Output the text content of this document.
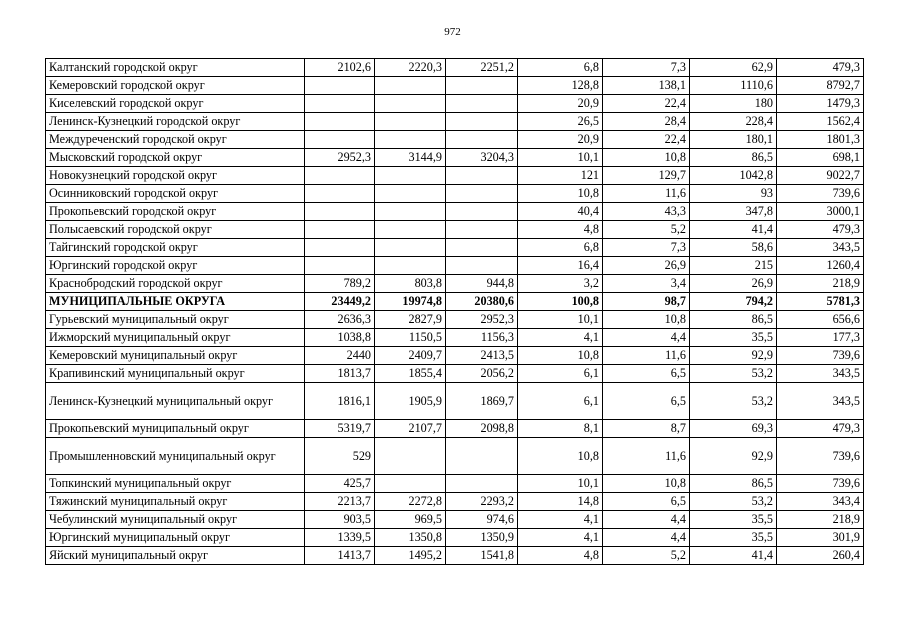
972
Калтанский городской округ	2102,6	2220,3	2251,2	6,8	7,3	62,9	479,3
Кемеровский городской округ				128,8	138,1	1110,6	8792,7
Киселевский городской округ				20,9	22,4	180	1479,3
Ленинск-Кузнецкий городской округ				26,5	28,4	228,4	1562,4
Междуреченский городской округ				20,9	22,4	180,1	1801,3
Мысковский городской округ	2952,3	3144,9	3204,3	10,1	10,8	86,5	698,1
Новокузнецкий городской округ				121	129,7	1042,8	9022,7
Осинниковский городской округ				10,8	11,6	93	739,6
Прокопьевский городской округ				40,4	43,3	347,8	3000,1
Полысаевский городской округ				4,8	5,2	41,4	479,3
Тайгинский городской округ				6,8	7,3	58,6	343,5
Юргинский городской округ				16,4	26,9	215	1260,4
Краснобродский городской округ	789,2	803,8	944,8	3,2	3,4	26,9	218,9
МУНИЦИПАЛЬНЫЕ ОКРУГА	23449,2	19974,8	20380,6	100,8	98,7	794,2	5781,3
Гурьевский муниципальный округ	2636,3	2827,9	2952,3	10,1	10,8	86,5	656,6
Ижморский муниципальный округ	1038,8	1150,5	1156,3	4,1	4,4	35,5	177,3
Кемеровский муниципальный округ	2440	2409,7	2413,5	10,8	11,6	92,9	739,6
Крапивинский муниципальный округ	1813,7	1855,4	2056,2	6,1	6,5	53,2	343,5
Ленинск-Кузнецкий муниципальный округ	1816,1	1905,9	1869,7	6,1	6,5	53,2	343,5
Прокопьевский муниципальный округ	5319,7	2107,7	2098,8	8,1	8,7	69,3	479,3
Промышленновский муниципальный округ	529			10,8	11,6	92,9	739,6
Топкинский муниципальный округ	425,7			10,1	10,8	86,5	739,6
Тяжинский муниципальный округ	2213,7	2272,8	2293,2	14,8	6,5	53,2	343,4
Чебулинский муниципальный округ	903,5	969,5	974,6	4,1	4,4	35,5	218,9
Юргинский муниципальный округ	1339,5	1350,8	1350,9	4,1	4,4	35,5	301,9
Яйский муниципальный округ	1413,7	1495,2	1541,8	4,8	5,2	41,4	260,4
